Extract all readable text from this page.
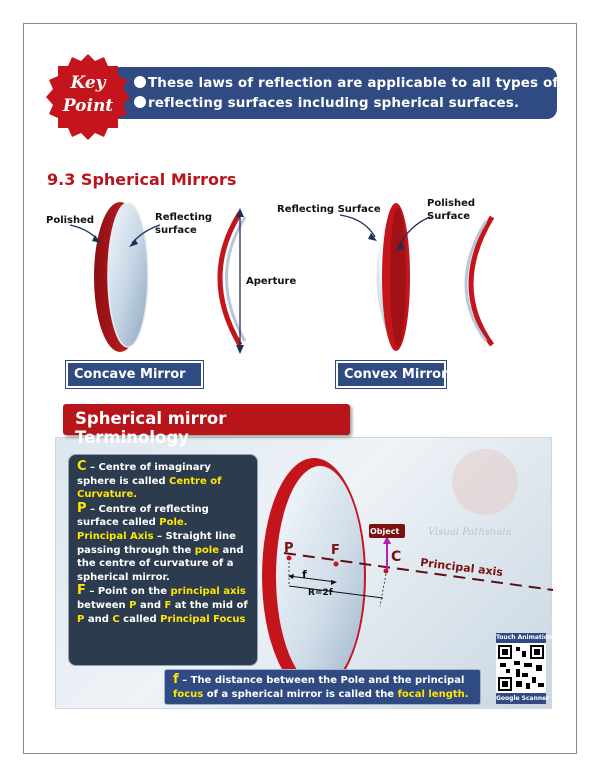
These laws of reflection are applicable to all types of
reflecting surfaces including spherical surfaces.
Key
Point
9.3 Spherical Mirrors
Polished	Reflecting
surface
Aperture
Concave Mirror
Reflecting Surface
Polished
Surface
Convex Mirror
Spherical mirror Terminology
P	F	C
Object
Principal axis
f
R=2f
Visual Pathshala

C – Centre of imaginary sphere is called Centre of Curvature.

P – Centre of reflecting surface called Pole.

Principal Axis – Straight line passing through the pole and the centre of curvature of a spherical mirror.

F – Point on the principal axis between P and F at the mid of P and C called Principal Focus

f – The distance between the Pole and the principal focus of a spherical mirror is called the focal length.
Touch Animation
Google Scanner
